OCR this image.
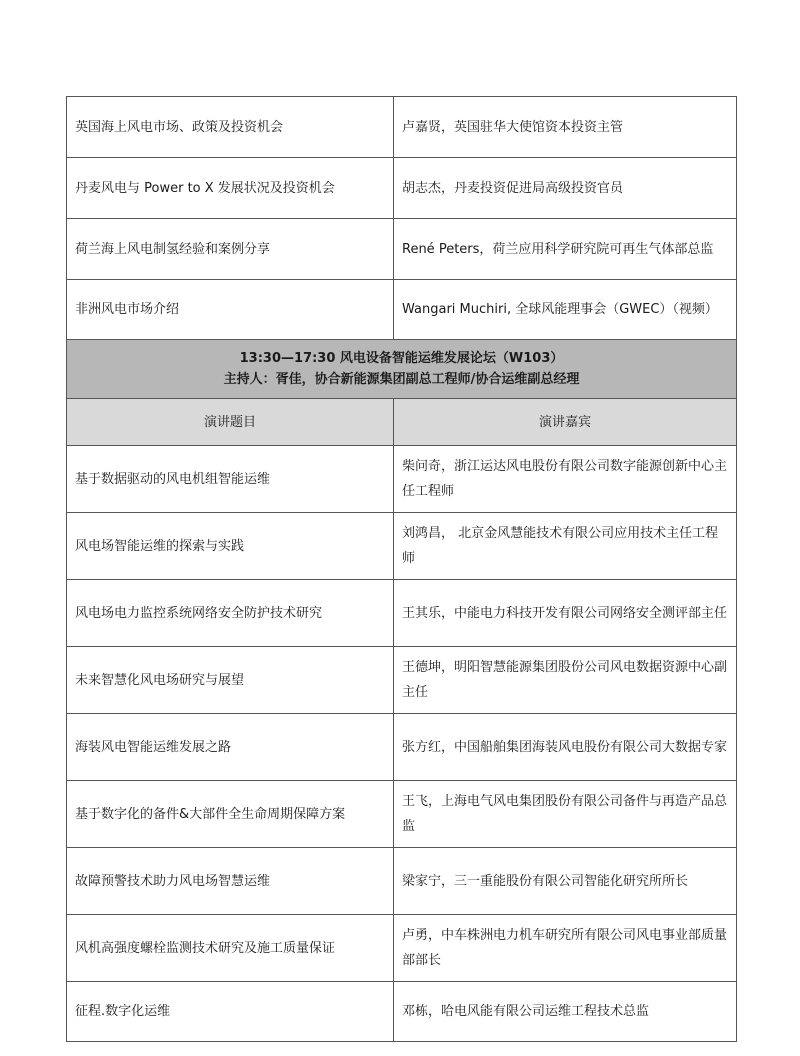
英国海上风电市场、政策及投资机会	卢嘉贤，英国驻华大使馆资本投资主管
丹麦风电与 Power to X 发展状况及投资机会	胡志杰，丹麦投资促进局高级投资官员
荷兰海上风电制氢经验和案例分享	René Peters，荷兰应用科学研究院可再生气体部总监
非洲风电市场介绍	Wangari Muchiri, 全球风能理事会（GWEC）（视频）

13:30—17:30 风电设备智能运维发展论坛（W103）
主持人：胥佳，协合新能源集团副总工程师/协合运维副总经理	

演讲题目	演讲嘉宾
基于数据驱动的风电机组智能运维	柴问奇，浙江运达风电股份有限公司数字能源创新中心主任工程师
风电场智能运维的探索与实践	刘鸿昌， 北京金风慧能技术有限公司应用技术主任工程师
风电场电力监控系统网络安全防护技术研究	王其乐，中能电力科技开发有限公司网络安全测评部主任
未来智慧化风电场研究与展望	王德坤，明阳智慧能源集团股份公司风电数据资源中心副主任
海装风电智能运维发展之路	张方红，中国船舶集团海装风电股份有限公司大数据专家
基于数字化的备件&大部件全生命周期保障方案	王飞，上海电气风电集团股份有限公司备件与再造产品总监
故障预警技术助力风电场智慧运维	梁家宁，三一重能股份有限公司智能化研究所所长
风机高强度螺栓监测技术研究及施工质量保证	卢勇，中车株洲电力机车研究所有限公司风电事业部质量部部长
征程.数字化运维	邓栋，哈电风能有限公司运维工程技术总监
